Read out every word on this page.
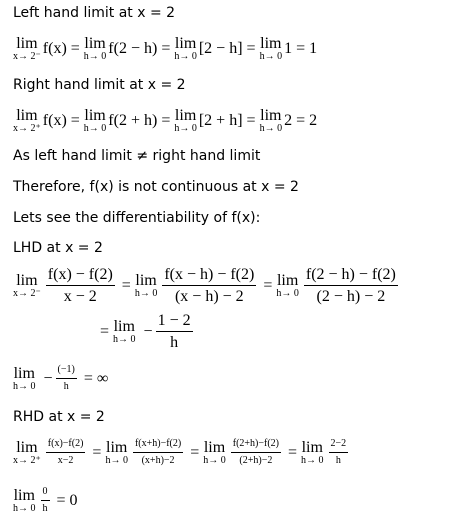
Left hand limit at x = 2
lim
x→ 2⁻ f(x) = lim
h→ 0 f(2 − h) = lim
h→ 0 [2 − h] = lim
h→ 0 1 = 1
Right hand limit at x = 2
lim
x→ 2⁺ f(x) = lim
h→ 0 f(2 + h) = lim
h→ 0 [2 + h] = lim
h→ 0 2 = 2
As left hand limit ≠ right hand limit
Therefore, f(x) is not continuous at x = 2
Lets see the differentiability of f(x):
LHD at x = 2
lim
$x\to 2^- \frac{f(x) - f(2)}{x - 2} = \lim$
$h\to 0 \frac{f(x - h) - f(2)}{(x - h) - 2} = \lim$
$h\to 0 \frac{f(2 - h) - f(2)}{(2 - h) - 2}$
= lim
$h\to 0 - \frac{1 - 2}{h}$
lim
$h\to 0 - \frac{(-1)}{h}$ = ∞
RHD at x = 2
lim
$x\to 2^+ \frac{f(x)-f(2)}{x-2} = \lim$
$h\to 0 \frac{f(x+h)-f(2)}{(x+h)-2} = \lim$
$h\to 0 \frac{f(2+h)-f(2)}{(2+h)-2} = \lim$
$h\to 0 \frac{2-2}{h}$
lim
$h\to 0 \frac{0}{h} = 0$
